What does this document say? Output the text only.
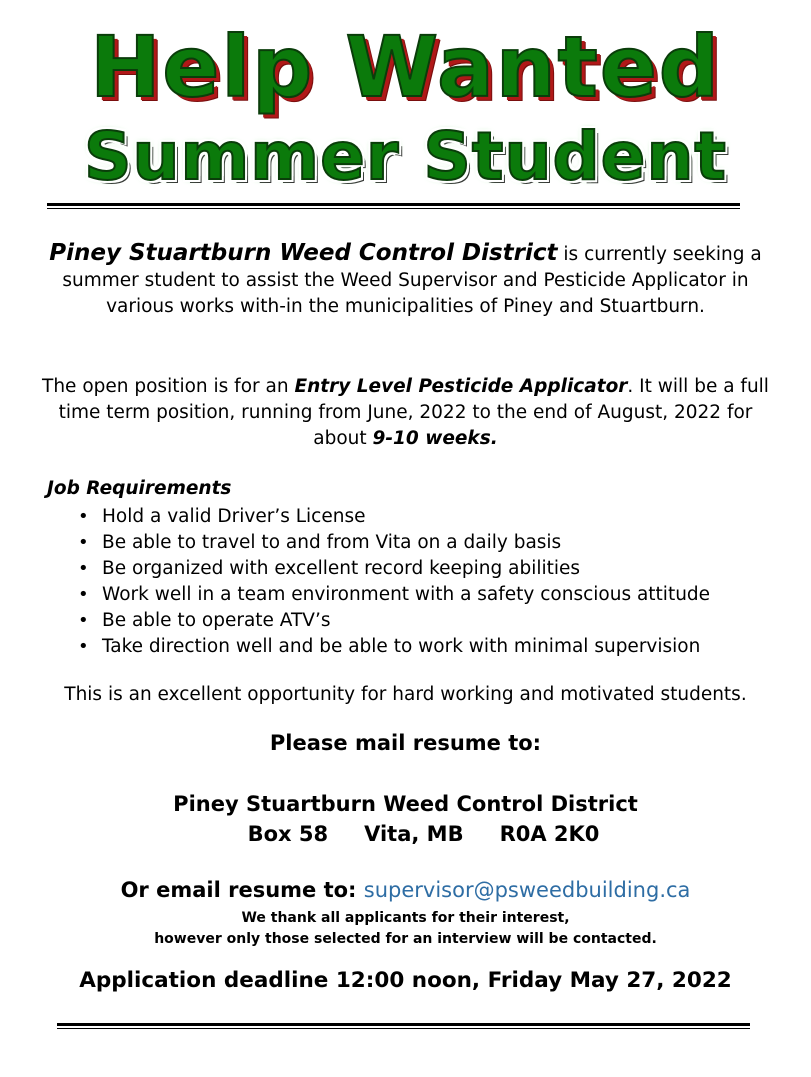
Help Wanted
Summer Student
Piney Stuartburn Weed Control District is currently seeking a summer student to assist the Weed Supervisor and Pesticide Applicator in various works with-in the municipalities of Piney and Stuartburn.
The open position is for an Entry Level Pesticide Applicator. It will be a full time term position, running from June, 2022 to the end of August, 2022 for about 9-10 weeks.
Job Requirements
• Hold a valid Driver’s License
• Be able to travel to and from Vita on a daily basis
• Be organized with excellent record keeping abilities
• Work well in a team environment with a safety conscious attitude
• Be able to operate ATV’s
• Take direction well and be able to work with minimal supervision
This is an excellent opportunity for hard working and motivated students.
Please mail resume to:
Piney Stuartburn Weed Control District
Box 58 Vita, MB R0A 2K0
Or email resume to: supervisor@psweedbuilding.ca
We thank all applicants for their interest,
however only those selected for an interview will be contacted.
Application deadline 12:00 noon, Friday May 27, 2022
